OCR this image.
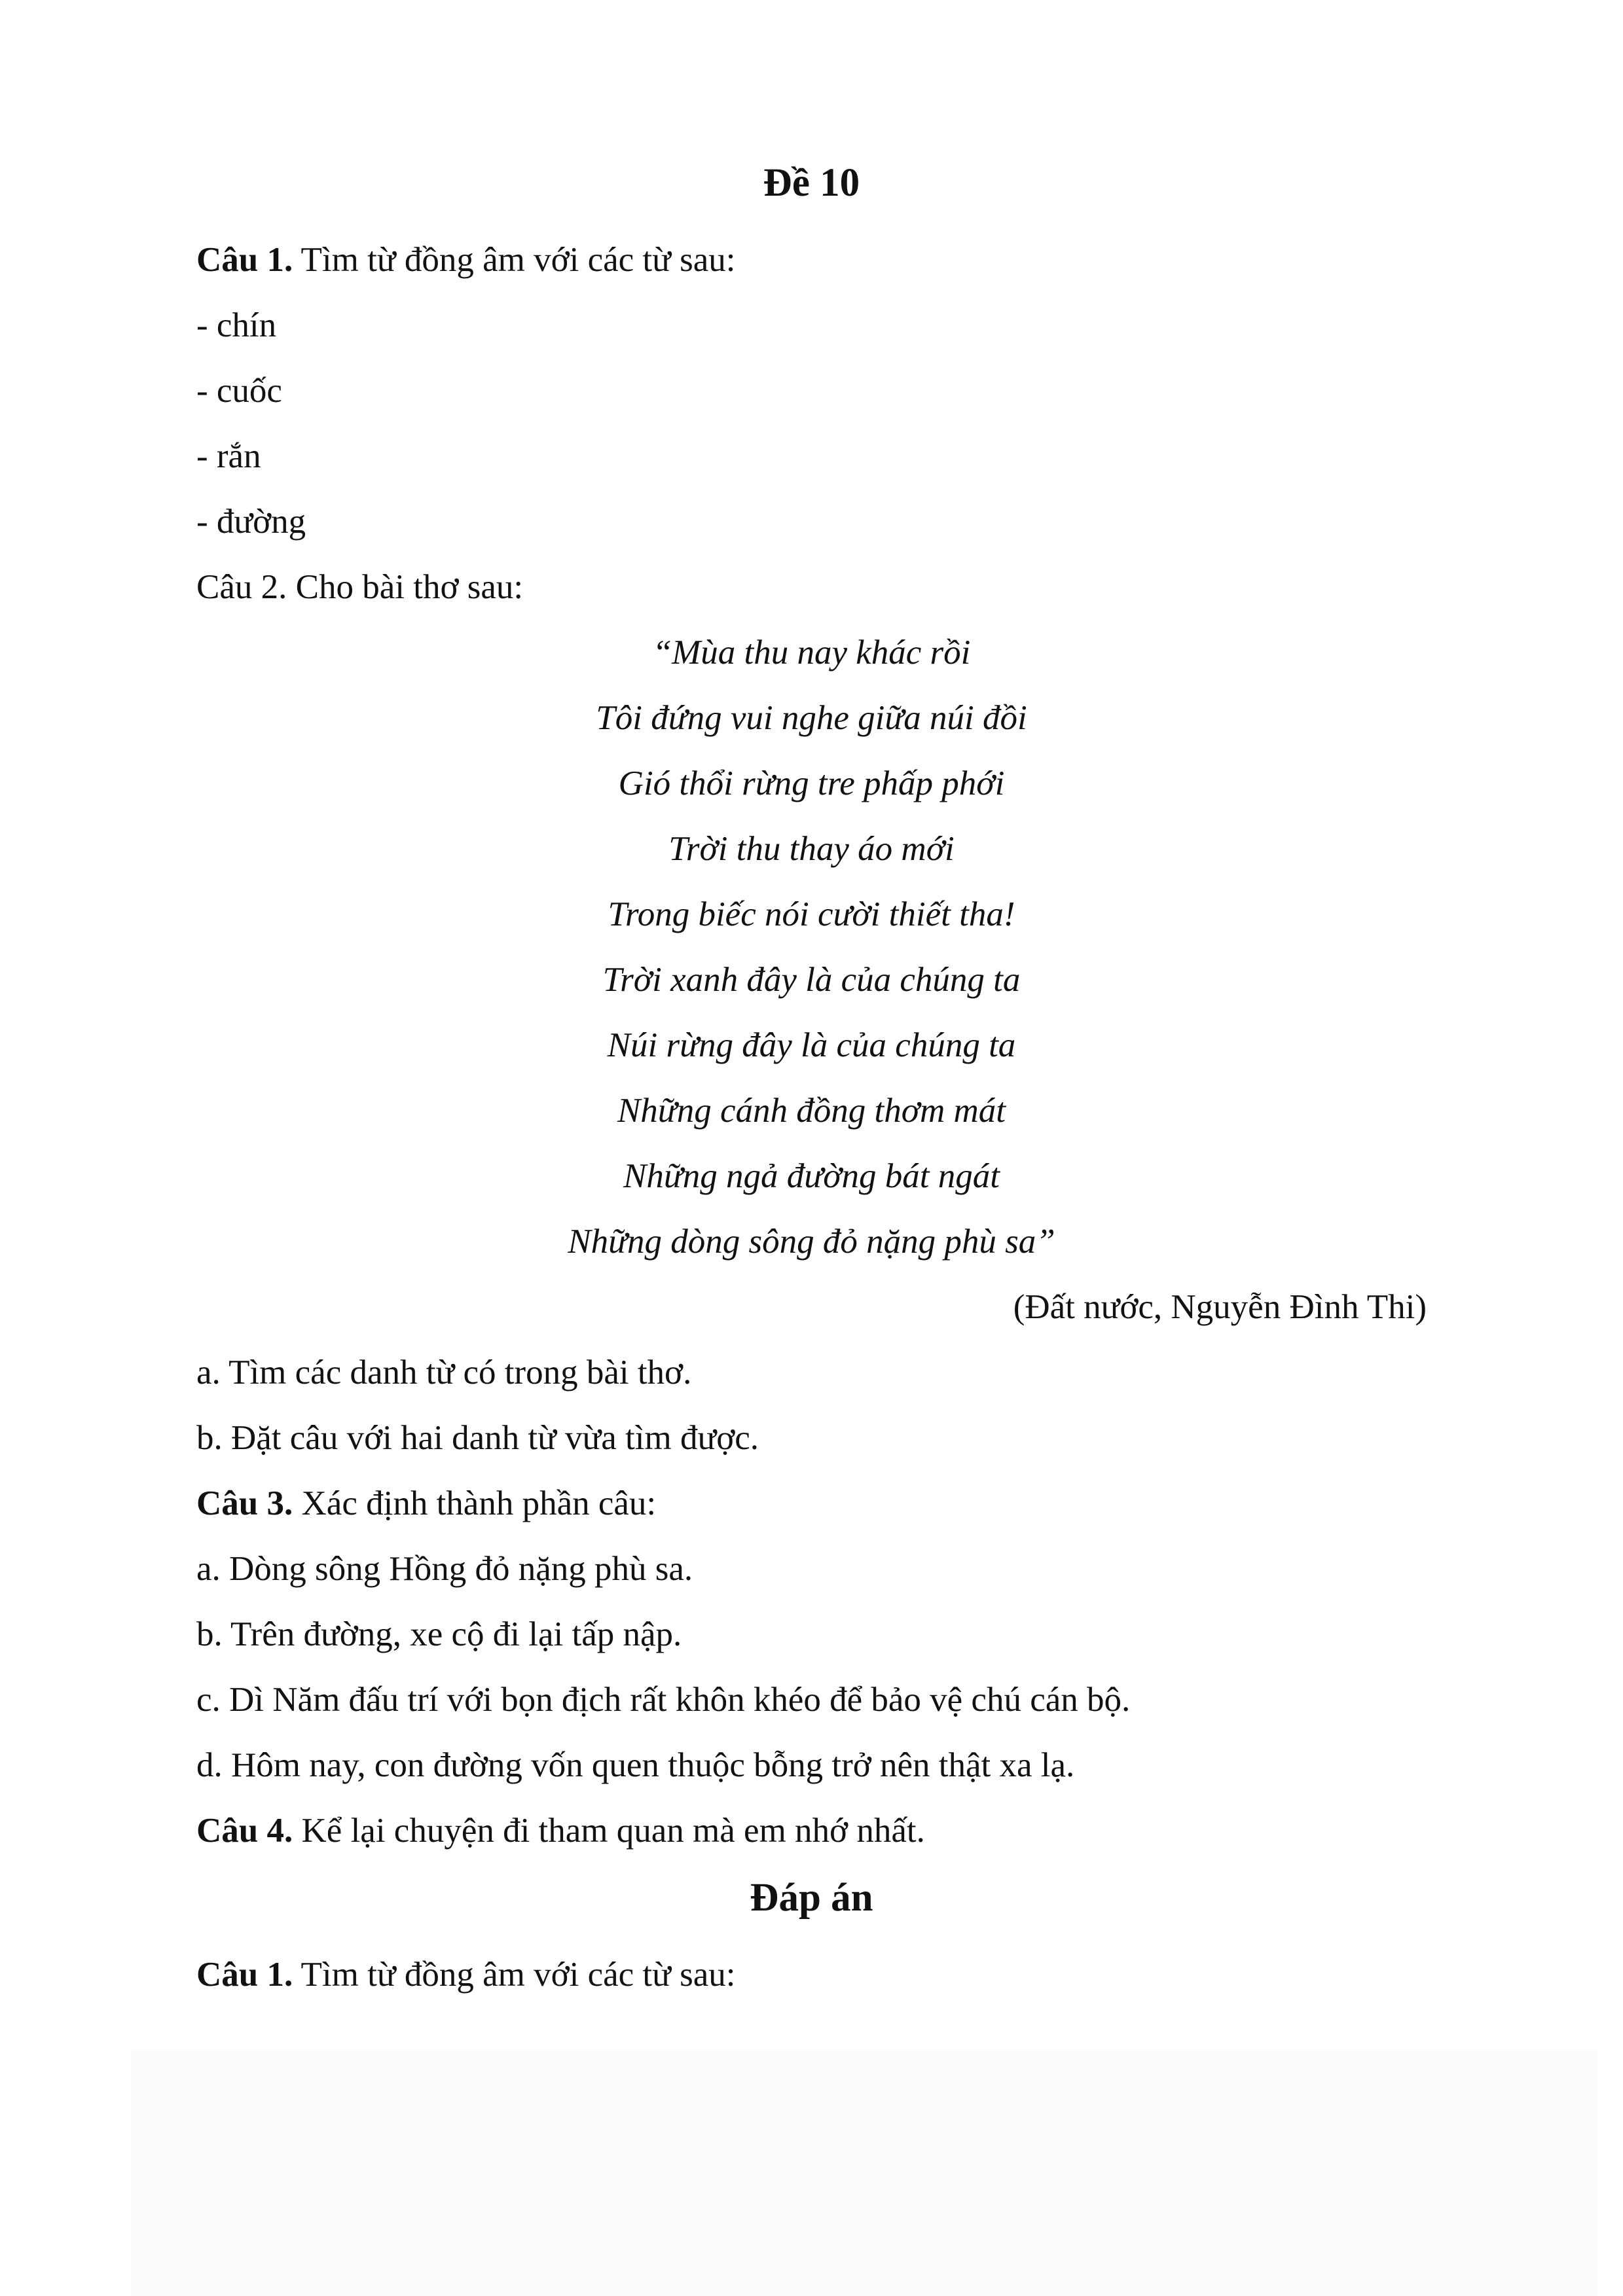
Đề 10
Câu 1. Tìm từ đồng âm với các từ sau:
- chín
- cuốc
- rắn
- đường
Câu 2. Cho bài thơ sau:
“Mùa thu nay khác rồi
Tôi đứng vui nghe giữa núi đồi
Gió thổi rừng tre phấp phới
Trời thu thay áo mới
Trong biếc nói cười thiết tha!
Trời xanh đây là của chúng ta
Núi rừng đây là của chúng ta
Những cánh đồng thơm mát
Những ngả đường bát ngát
Những dòng sông đỏ nặng phù sa”
(Đất nước, Nguyễn Đình Thi)
a. Tìm các danh từ có trong bài thơ.
b. Đặt câu với hai danh từ vừa tìm được.
Câu 3. Xác định thành phần câu:
a. Dòng sông Hồng đỏ nặng phù sa.
b. Trên đường, xe cộ đi lại tấp nập.
c. Dì Năm đấu trí với bọn địch rất khôn khéo để bảo vệ chú cán bộ.
d. Hôm nay, con đường vốn quen thuộc bỗng trở nên thật xa lạ.
Câu 4. Kể lại chuyện đi tham quan mà em nhớ nhất.
Đáp án
Câu 1. Tìm từ đồng âm với các từ sau:
